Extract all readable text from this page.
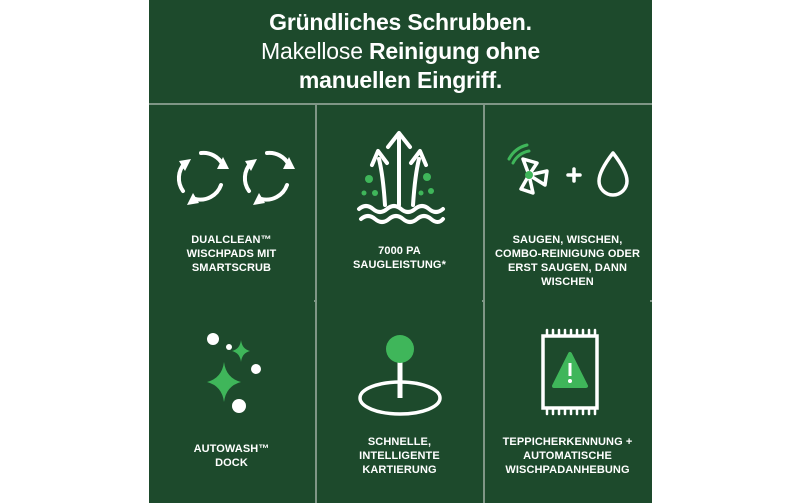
Gründliches Schrubben.
Makellose Reinigung ohne
manuellen Eingriff.
DUALCLEAN™
WISCHPADS MIT
SMARTSCRUB
7000 PA
SAUGLEISTUNG*
SAUGEN, WISCHEN,
COMBO-REINIGUNG ODER
ERST SAUGEN, DANN
WISCHEN
AUTOWASH™
DOCK
SCHNELLE,
INTELLIGENTE
KARTIERUNG
TEPPICHERKENNUNG +
AUTOMATISCHE
WISCHPADANHEBUNG
